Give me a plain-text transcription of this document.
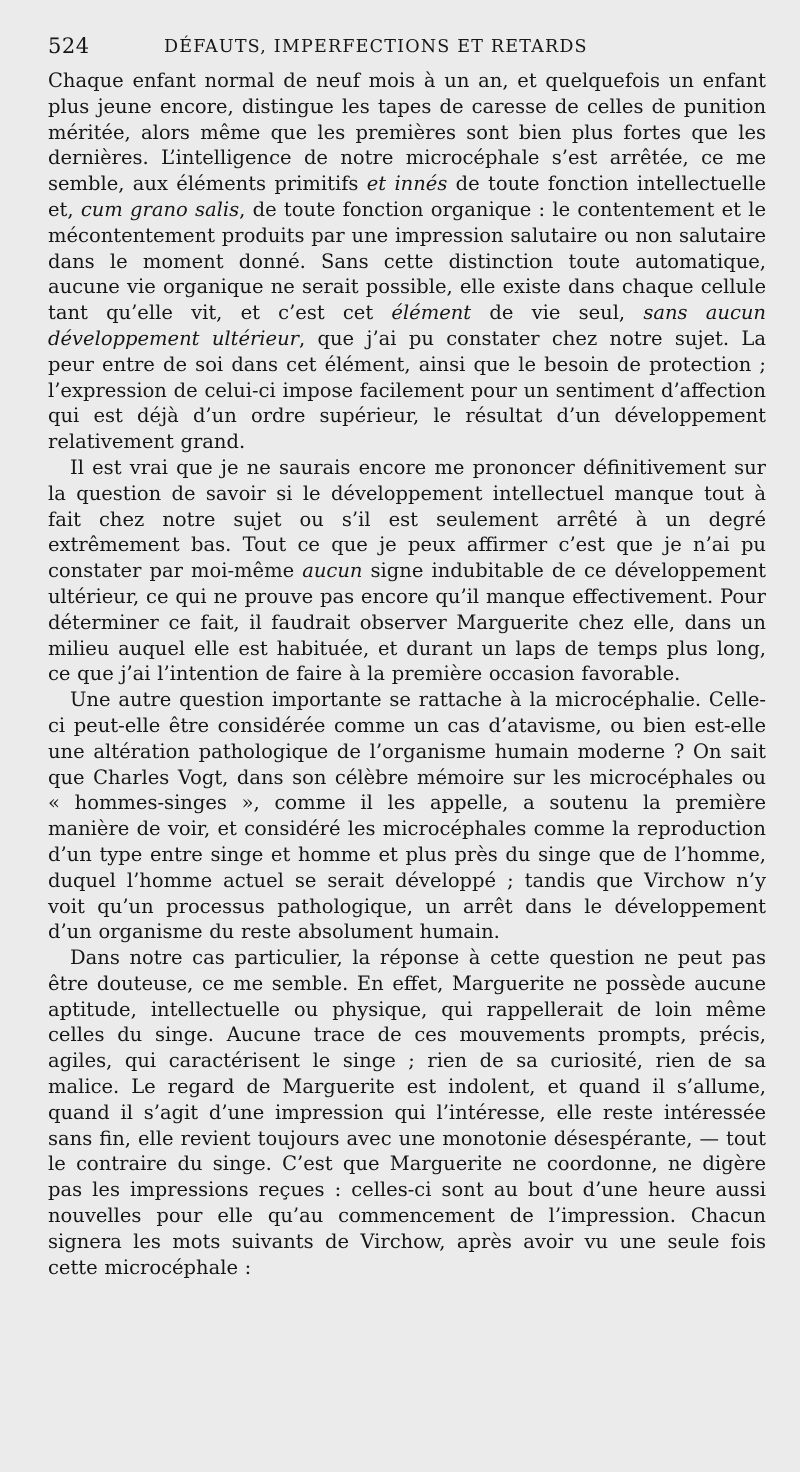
524	DÉFAUTS, IMPERFECTIONS ET RETARDS

Chaque enfant normal de neuf mois à un an, et quelquefois un enfant plus jeune encore, distingue les tapes de caresse de celles de punition méritée, alors même que les premières sont bien plus fortes que les dernières. L’intelligence de notre microcéphale s’est arrêtée, ce me semble, aux éléments primitifs et innés de toute fonction intellectuelle et, cum grano salis, de toute fonction organique : le contentement et le mécontentement produits par une impression salutaire ou non salutaire dans le moment donné. Sans cette distinction toute automatique, aucune vie organique ne serait possible, elle existe dans chaque cellule tant qu’elle vit, et c’est cet élément de vie seul, sans aucun développement ultérieur, que j’ai pu constater chez notre sujet. La peur entre de soi dans cet élément, ainsi que le besoin de protection ; l’expression de celui-ci impose facilement pour un sentiment d’affection qui est déjà d’un ordre supérieur, le résultat d’un développement relativement grand.

Il est vrai que je ne saurais encore me prononcer définitivement sur la question de savoir si le développement intellectuel manque tout à fait chez notre sujet ou s’il est seulement arrêté à un degré extrêmement bas. Tout ce que je peux affirmer c’est que je n’ai pu constater par moi-même aucun signe indubitable de ce développement ultérieur, ce qui ne prouve pas encore qu’il manque effectivement. Pour déterminer ce fait, il faudrait observer Marguerite chez elle, dans un milieu auquel elle est habituée, et durant un laps de temps plus long, ce que j’ai l’intention de faire à la première occasion favorable.

Une autre question importante se rattache à la microcéphalie. Celle-ci peut-elle être considérée comme un cas d’atavisme, ou bien est-elle une altération pathologique de l’organisme humain moderne ? On sait que Charles Vogt, dans son célèbre mémoire sur les microcéphales ou « hommes-singes », comme il les appelle, a soutenu la première manière de voir, et considéré les microcéphales comme la reproduction d’un type entre singe et homme et plus près du singe que de l’homme, duquel l’homme actuel se serait développé ; tandis que Virchow n’y voit qu’un processus pathologique, un arrêt dans le développement d’un organisme du reste absolument humain.

Dans notre cas particulier, la réponse à cette question ne peut pas être douteuse, ce me semble. En effet, Marguerite ne possède aucune aptitude, intellectuelle ou physique, qui rappellerait de loin même celles du singe. Aucune trace de ces mouvements prompts, précis, agiles, qui caractérisent le singe ; rien de sa curiosité, rien de sa malice. Le regard de Marguerite est indolent, et quand il s’allume, quand il s’agit d’une impression qui l’intéresse, elle reste intéressée sans fin, elle revient toujours avec une monotonie désespérante, — tout le contraire du singe. C’est que Marguerite ne coordonne, ne digère pas les impressions reçues : celles-ci sont au bout d’une heure aussi nouvelles pour elle qu’au commencement de l’impression. Chacun signera les mots suivants de Virchow, après avoir vu une seule fois cette microcéphale :
